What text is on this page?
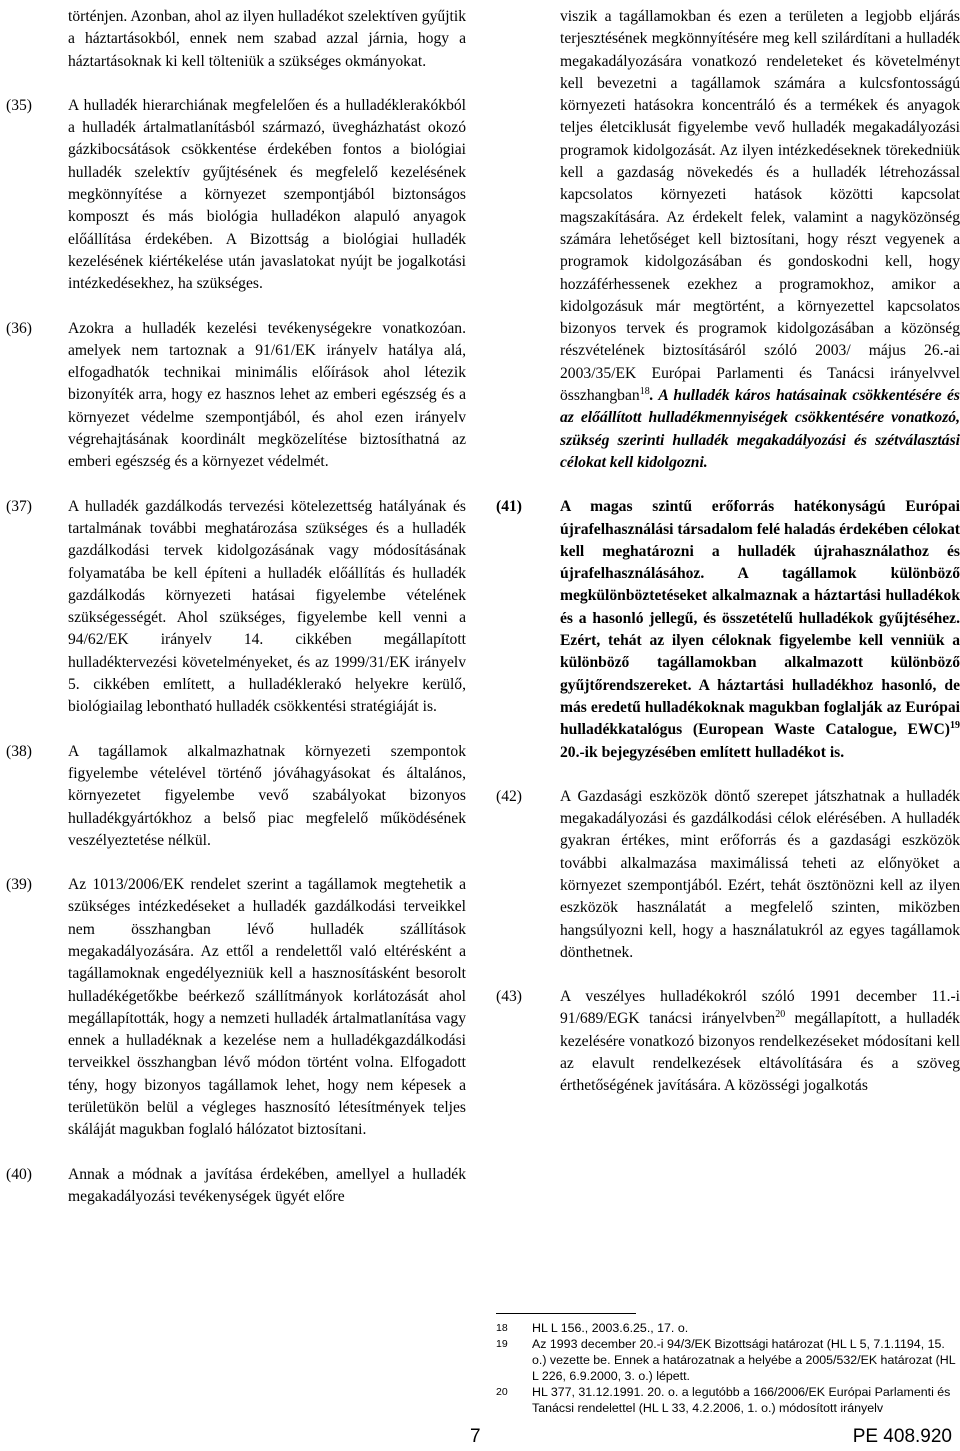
történjen. Azonban, ahol az ilyen hulladékot szelektíven gyűjtik a háztartásokból, ennek nem szabad azzal járnia, hogy a háztartásoknak ki kell tölteniük a szükséges okmányokat.

(35)	A hulladék hierarchiának megfelelően és a hulladéklerakókból a hulladék ártalmatlanításból származó, üvegházhatást okozó gázkibocsátások csökkentése érdekében fontos a biológiai hulladék szelektív gyűjtésének és megfelelő kezelésének megkönnyítése a környezet szempontjából biztonságos komposzt és más biológia hulladékon alapuló anyagok előállítása érdekében. A Bizottság a biológiai hulladék kezelésének kiértékelése után javaslatokat nyújt be jogalkotási intézkedésekhez, ha szükséges.

(36)	Azokra a hulladék kezelési tevékenységekre vonatkozóan. amelyek nem tartoznak a 91/61/EK irányelv hatálya alá, elfogadhatók technikai minimális előírások ahol létezik bizonyíték arra, hogy ez hasznos lehet az emberi egészség és a környezet védelme szempontjából, és ahol ezen irányelv végrehajtásának koordinált megközelítése biztosíthatná az emberi egészség és a környezet védelmét.

(37)	A hulladék gazdálkodás tervezési kötelezettség hatályának és tartalmának további meghatározása szükséges és a hulladék gazdálkodási tervek kidolgozásának vagy módosításának folyamatába be kell építeni a hulladék előállítás és hulladék gazdálkodás környezeti hatásai figyelembe vételének szükségességét. Ahol szükséges, figyelembe kell venni a 94/62/EK irányelv 14. cikkében megállapított hulladéktervezési követelményeket, és az 1999/31/EK irányelv 5. cikkében említett, a hulladéklerakó helyekre kerülő, biológiailag lebontható hulladék csökkentési stratégiáját is.

(38)	A tagállamok alkalmazhatnak környezeti szempontok figyelembe vételével történő jóváhagyásokat és általános, környezetet figyelembe vevő szabályokat bizonyos hulladékgyártókhoz a belső piac megfelelő működésének veszélyeztetése nélkül.

(39)	Az 1013/2006/EK rendelet szerint a tagállamok megtehetik a szükséges intézkedéseket a hulladék gazdálkodási terveikkel nem összhangban lévő hulladék szállítások megakadályozására. Az ettől a rendelettől való eltérésként a tagállamoknak engedélyezniük kell a hasznosításként besorolt hulladékégetőkbe beérkező szállítmányok korlátozását ahol megállapították, hogy a nemzeti hulladék ártalmatlanítása vagy ennek a hulladéknak a kezelése nem a hulladékgazdálkodási terveikkel összhangban lévő módon történt volna. Elfogadott tény, hogy bizonyos tagállamok lehet, hogy nem képesek a területükön belül a végleges hasznosító létesítmények teljes skáláját magukban foglaló hálózatot biztosítani.

(40)	Annak a módnak a javítása érdekében, amellyel a hulladék megakadályozási tevékenységek ügyét előre

viszik a tagállamokban és ezen a területen a legjobb eljárás terjesztésének megkönnyítésére meg kell szilárdítani a hulladék megakadályozására vonatkozó rendeleteket és követelményt kell bevezetni a tagállamok számára a kulcsfontosságú környezeti hatásokra koncentráló és a termékek és anyagok teljes életciklusát figyelembe vevő hulladék megakadályozási programok kidolgozását. Az ilyen intézkedéseknek törekedniük kell a gazdaság növekedés és a hulladék létrehozással kapcsolatos környezeti hatások közötti kapcsolat magszakítására. Az érdekelt felek, valamint a nagyközönség számára lehetőséget kell biztosítani, hogy részt vegyenek a programok kidolgozásában és gondoskodni kell, hogy hozzáférhessenek ezekhez a programokhoz, amikor a kidolgozásuk már megtörtént, a környezettel kapcsolatos bizonyos tervek és programok kidolgozásában a közönség részvételének biztosításáról szóló 2003/ május 26.-ai 2003/35/EK Európai Parlamenti és Tanácsi irányelvvel összhangban$^{18}$. A hulladék káros hatásainak csökkentésére és az előállított hulladékmennyiségek csökkentésére vonatkozó, szükség szerinti hulladék megakadályozási és szétválasztási célokat kell kidolgozni.

(41)	A magas szintű erőforrás hatékonyságú Európai újrafelhasználási társadalom felé haladás érdekében célokat kell meghatározni a hulladék újrahasználathoz és újrafelhasználásához. A tagállamok különböző megkülönböztetéseket alkalmaznak a háztartási hulladékok és a hasonló jellegű, és összetételű hulladékok gyűjtéséhez. Ezért, tehát az ilyen céloknak figyelembe kell venniük a különböző tagállamokban alkalmazott különböző gyűjtőrendszereket. A háztartási hulladékhoz hasonló, de más eredetű hulladékoknak magukban foglalják az Európai hulladékkatalógus (European Waste Catalogue, EWC)$^{19}$ 20.-ik bejegyzésében említett hulladékot is.

(42)	A Gazdasági eszközök döntő szerepet játszhatnak a hulladék megakadályozási és gazdálkodási célok elérésében. A hulladék gyakran értékes, mint erőforrás és a gazdasági eszközök további alkalmazása maximálissá teheti az előnyöket a környezet szempontjából. Ezért, tehát ösztönözni kell az ilyen eszközök használatát a megfelelő szinten, miközben hangsúlyozni kell, hogy a használatukról az egyes tagállamok dönthetnek.

(43)	A veszélyes hulladékokról szóló 1991 december 11.-i 91/689/EGK tanácsi irányelvben$^{20}$ megállapított, a hulladék kezelésére vonatkozó bizonyos rendelkezéseket módosítani kell az elavult rendelkezések eltávolítására és a szöveg érthetőségének javítására. A közösségi jogalkotás

18	HL L 156., 2003.6.25., 17. o.
19	Az 1993 december 20.-i 94/3/EK Bizottsági határozat (HL L 5, 7.1.1194, 15. o.) vezette be. Ennek a határozatnak a helyébe a 2005/532/EK határozat (HL L 226, 6.9.2000, 3. o.) lépett.
20	HL 377, 31.12.1991. 20. o. a legutóbb a 166/2006/EK Európai Parlamenti és Tanácsi rendelettel (HL L 33, 4.2.2006, 1. o.) módosított irányelv
7	PE 408.920
